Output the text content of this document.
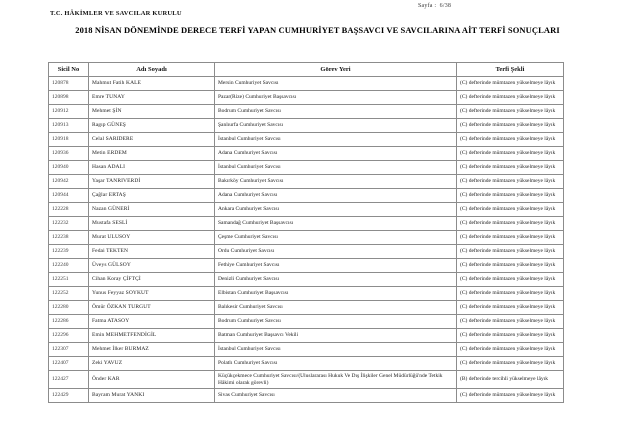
Sayfa : 6/38
T.C. HÂKİMLER VE SAVCILAR KURULU
2018 NİSAN DÖNEMİNDE DERECE TERFİ YAPAN CUMHURİYET BAŞSAVCI VE SAVCILARINA AİT TERFİ SONUÇLARI
Sicil No	Adı Soyadı	Görev Yeri	Terfi Şekli
120878	Mahmut Fatih KALE	Mersin Cumhuriyet Savcısı	(C) defterinde mümtazen yükselmeye lâyık
120898	Emre TUNAY	Pazar(Rize) Cumhuriyet Başsavcısı	(C) defterinde mümtazen yükselmeye lâyık
120912	Mehmet ŞİN	Bodrum Cumhuriyet Savcısı	(C) defterinde mümtazen yükselmeye lâyık
120913	Ragıp GÜNEŞ	Şanlıurfa Cumhuriyet Savcısı	(C) defterinde mümtazen yükselmeye lâyık
120918	Celal SARIDERE	İstanbul Cumhuriyet Savcısı	(C) defterinde mümtazen yükselmeye lâyık
120936	Metin ERDEM	Adana Cumhuriyet Savcısı	(C) defterinde mümtazen yükselmeye lâyık
120940	Hasan ADALI	İstanbul Cumhuriyet Savcısı	(C) defterinde mümtazen yükselmeye lâyık
120942	Yaşar TANRIVERDİ	Bakırköy Cumhuriyet Savcısı	(C) defterinde mümtazen yükselmeye lâyık
120944	Çağlar ERTAŞ	Adana Cumhuriyet Savcısı	(C) defterinde mümtazen yükselmeye lâyık
122228	Nazan GÜNERİ	Ankara Cumhuriyet Savcısı	(C) defterinde mümtazen yükselmeye lâyık
122232	Mustafa SESLİ	Samandağ Cumhuriyet Başsavcısı	(C) defterinde mümtazen yükselmeye lâyık
122238	Murat ULUSOY	Çeşme Cumhuriyet Savcısı	(C) defterinde mümtazen yükselmeye lâyık
122239	Fedai TEKTEN	Ordu Cumhuriyet Savcısı	(C) defterinde mümtazen yükselmeye lâyık
122240	Üveys GÜLSOY	Fethiye Cumhuriyet Savcısı	(C) defterinde mümtazen yükselmeye lâyık
122251	Cihan Koray ÇİFTÇİ	Denizli Cumhuriyet Savcısı	(C) defterinde mümtazen yükselmeye lâyık
122252	Yunus Feyyaz SOYKUT	Elbistan Cumhuriyet Başsavcısı	(C) defterinde mümtazen yükselmeye lâyık
122280	Ömür ÖZKAN TURGUT	Balıkesir Cumhuriyet Savcısı	(C) defterinde mümtazen yükselmeye lâyık
122286	Fatma ATASOY	Bodrum Cumhuriyet Savcısı	(C) defterinde mümtazen yükselmeye lâyık
122296	Emin MEHMETFENDİGİL	Batman Cumhuriyet Başsavcı Vekili	(C) defterinde mümtazen yükselmeye lâyık
122307	Mehmet İlker BURMAZ	İstanbul Cumhuriyet Savcısı	(C) defterinde mümtazen yükselmeye lâyık
122407	Zeki YAVUZ	Polatlı Cumhuriyet Savcısı	(C) defterinde mümtazen yükselmeye lâyık
122427	Önder KAR	Küçükçekmece Cumhuriyet Savcısı/(Uluslararası Hukuk Ve Dış İlişkiler Genel Müdürlüğü'nde Tetkik Hâkimi olarak görevli)	(B) defterinde tercihli yükselmeye lâyık
122429	Bayram Murat YANKI	Sivas Cumhuriyet Savcısı	(C) defterinde mümtazen yükselmeye lâyık
